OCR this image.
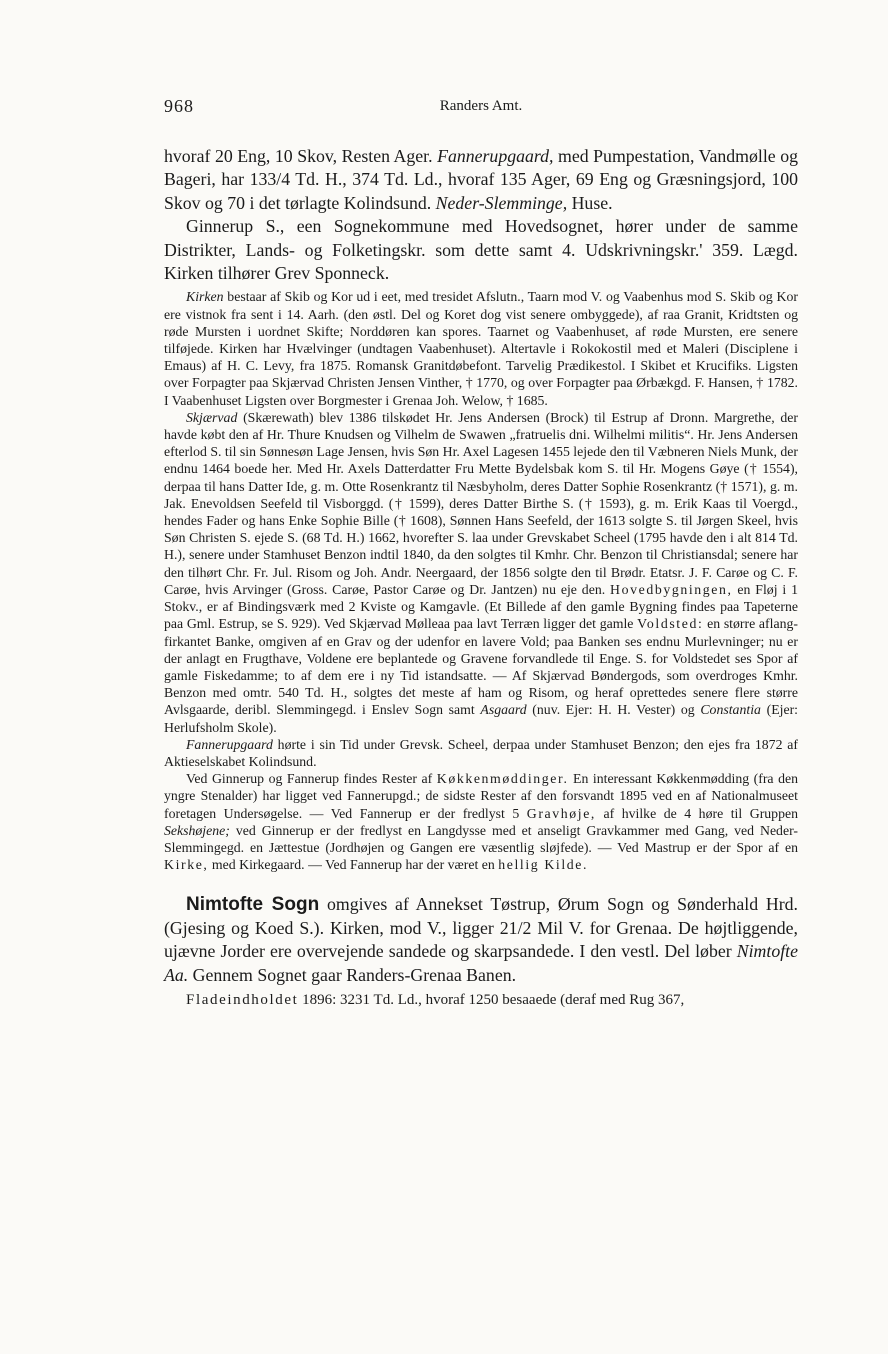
968	Randers Amt.

hvoraf 20 Eng, 10 Skov, Resten Ager. Fannerupgaard, med Pumpestation, Vandmølle og Bageri, har 133/4 Td. H., 374 Td. Ld., hvoraf 135 Ager, 69 Eng og Græsningsjord, 100 Skov og 70 i det tørlagte Kolindsund. Neder-Slemminge, Huse.

Ginnerup S., een Sognekommune med Hovedsognet, hører under de samme Distrikter, Lands- og Folketingskr. som dette samt 4. Udskrivningskr.' 359. Lægd. Kirken tilhører Grev Sponneck.

Kirken bestaar af Skib og Kor ud i eet, med tresidet Afslutn., Taarn mod V. og Vaabenhus mod S. Skib og Kor ere vistnok fra sent i 14. Aarh. (den østl. Del og Koret dog vist senere ombyggede), af raa Granit, Kridtsten og røde Mursten i uordnet Skifte; Norddøren kan spores. Taarnet og Vaabenhuset, af røde Mursten, ere senere tilføjede. Kirken har Hvælvinger (undtagen Vaabenhuset). Altertavle i Rokokostil med et Maleri (Disciplene i Emaus) af H. C. Levy, fra 1875. Romansk Granitdøbefont. Tarvelig Prædikestol. I Skibet et Krucifiks. Ligsten over Forpagter paa Skjærvad Christen Jensen Vinther, † 1770, og over Forpagter paa Ørbækgd. F. Hansen, † 1782. I Vaabenhuset Ligsten over Borgmester i Grenaa Joh. Welow, † 1685.

Skjærvad (Skærewath) blev 1386 tilskødet Hr. Jens Andersen (Brock) til Estrup af Dronn. Margrethe, der havde købt den af Hr. Thure Knudsen og Vilhelm de Swawen „fratruelis dni. Wilhelmi militis“. Hr. Jens Andersen efterlod S. til sin Sønnesøn Lage Jensen, hvis Søn Hr. Axel Lagesen 1455 lejede den til Væbneren Niels Munk, der endnu 1464 boede her. Med Hr. Axels Datterdatter Fru Mette Bydelsbak kom S. til Hr. Mogens Gøye († 1554), derpaa til hans Datter Ide, g. m. Otte Rosenkrantz til Næsbyholm, deres Datter Sophie Rosenkrantz († 1571), g. m. Jak. Enevoldsen Seefeld til Visborggd. († 1599), deres Datter Birthe S. († 1593), g. m. Erik Kaas til Voergd., hendes Fader og hans Enke Sophie Bille († 1608), Sønnen Hans Seefeld, der 1613 solgte S. til Jørgen Skeel, hvis Søn Christen S. ejede S. (68 Td. H.) 1662, hvorefter S. laa under Grevskabet Scheel (1795 havde den i alt 814 Td. H.), senere under Stamhuset Benzon indtil 1840, da den solgtes til Kmhr. Chr. Benzon til Christiansdal; senere har den tilhørt Chr. Fr. Jul. Risom og Joh. Andr. Neergaard, der 1856 solgte den til Brødr. Etatsr. J. F. Carøe og C. F. Carøe, hvis Arvinger (Gross. Carøe, Pastor Carøe og Dr. Jantzen) nu eje den. Hovedbygningen, en Fløj i 1 Stokv., er af Bindingsværk med 2 Kviste og Kamgavle. (Et Billede af den gamle Bygning findes paa Tapeterne paa Gml. Estrup, se S. 929). Ved Skjærvad Mølleaa paa lavt Terræn ligger det gamle Voldsted: en større aflang-firkantet Banke, omgiven af en Grav og der udenfor en lavere Vold; paa Banken ses endnu Murlevninger; nu er der anlagt en Frugthave, Voldene ere beplantede og Gravene forvandlede til Enge. S. for Voldstedet ses Spor af gamle Fiskedamme; to af dem ere i ny Tid istandsatte. — Af Skjærvad Bøndergods, som overdroges Kmhr. Benzon med omtr. 540 Td. H., solgtes det meste af ham og Risom, og heraf oprettedes senere flere større Avlsgaarde, deribl. Slemmingegd. i Enslev Sogn samt Asgaard (nuv. Ejer: H. H. Vester) og Constantia (Ejer: Herlufsholm Skole).

Fannerupgaard hørte i sin Tid under Grevsk. Scheel, derpaa under Stamhuset Benzon; den ejes fra 1872 af Aktieselskabet Kolindsund.

Ved Ginnerup og Fannerup findes Rester af Køkkenmøddinger. En interessant Køkkenmødding (fra den yngre Stenalder) har ligget ved Fannerupgd.; de sidste Rester af den forsvandt 1895 ved en af Nationalmuseet foretagen Undersøgelse. — Ved Fannerup er der fredlyst 5 Gravhøje, af hvilke de 4 høre til Gruppen Sekshøjene; ved Ginnerup er der fredlyst en Langdysse med et anseligt Gravkammer med Gang, ved Neder-Slemmingegd. en Jættestue (Jordhøjen og Gangen ere væsentlig sløjfede). — Ved Mastrup er der Spor af en Kirke, med Kirkegaard. — Ved Fannerup har der været en hellig Kilde.

Nimtofte Sogn omgives af Annekset Tøstrup, Ørum Sogn og Sønderhald Hrd. (Gjesing og Koed S.). Kirken, mod V., ligger 21/2 Mil V. for Grenaa. De højtliggende, ujævne Jorder ere overvejende sandede og skarpsandede. I den vestl. Del løber Nimtofte Aa. Gennem Sognet gaar Randers-Grenaa Banen.

Fladeindholdet 1896: 3231 Td. Ld., hvoraf 1250 besaaede (deraf med Rug 367,
